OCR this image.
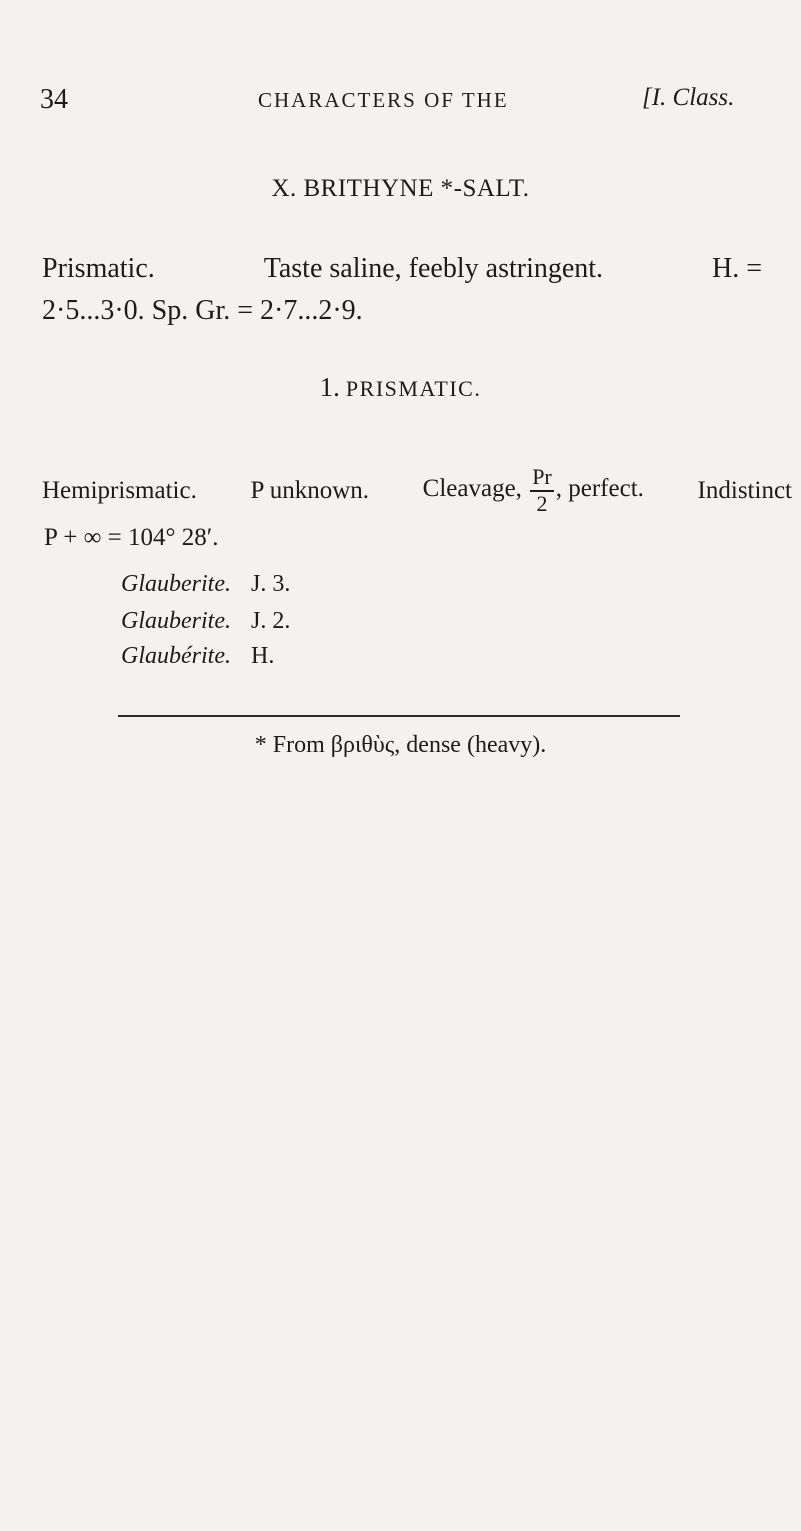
34	CHARACTERS OF THE	[I. Class.
X. BRITHYNE *-SALT.
Prismatic.	Taste saline, feebly astringent.	H. =
2·5...3·0. Sp. Gr. = 2·7...2·9.
1. PRISMATIC.
Hemiprismatic. P unknown. Cleavage, $\frac{Pr}{2}$ , perfect. Indistinct
P + ∞ = 104° 28′.
Glauberite. J. 3.
Glauberite. J. 2.
Glaubérite. H.
* From βριθὺς, dense (heavy).
